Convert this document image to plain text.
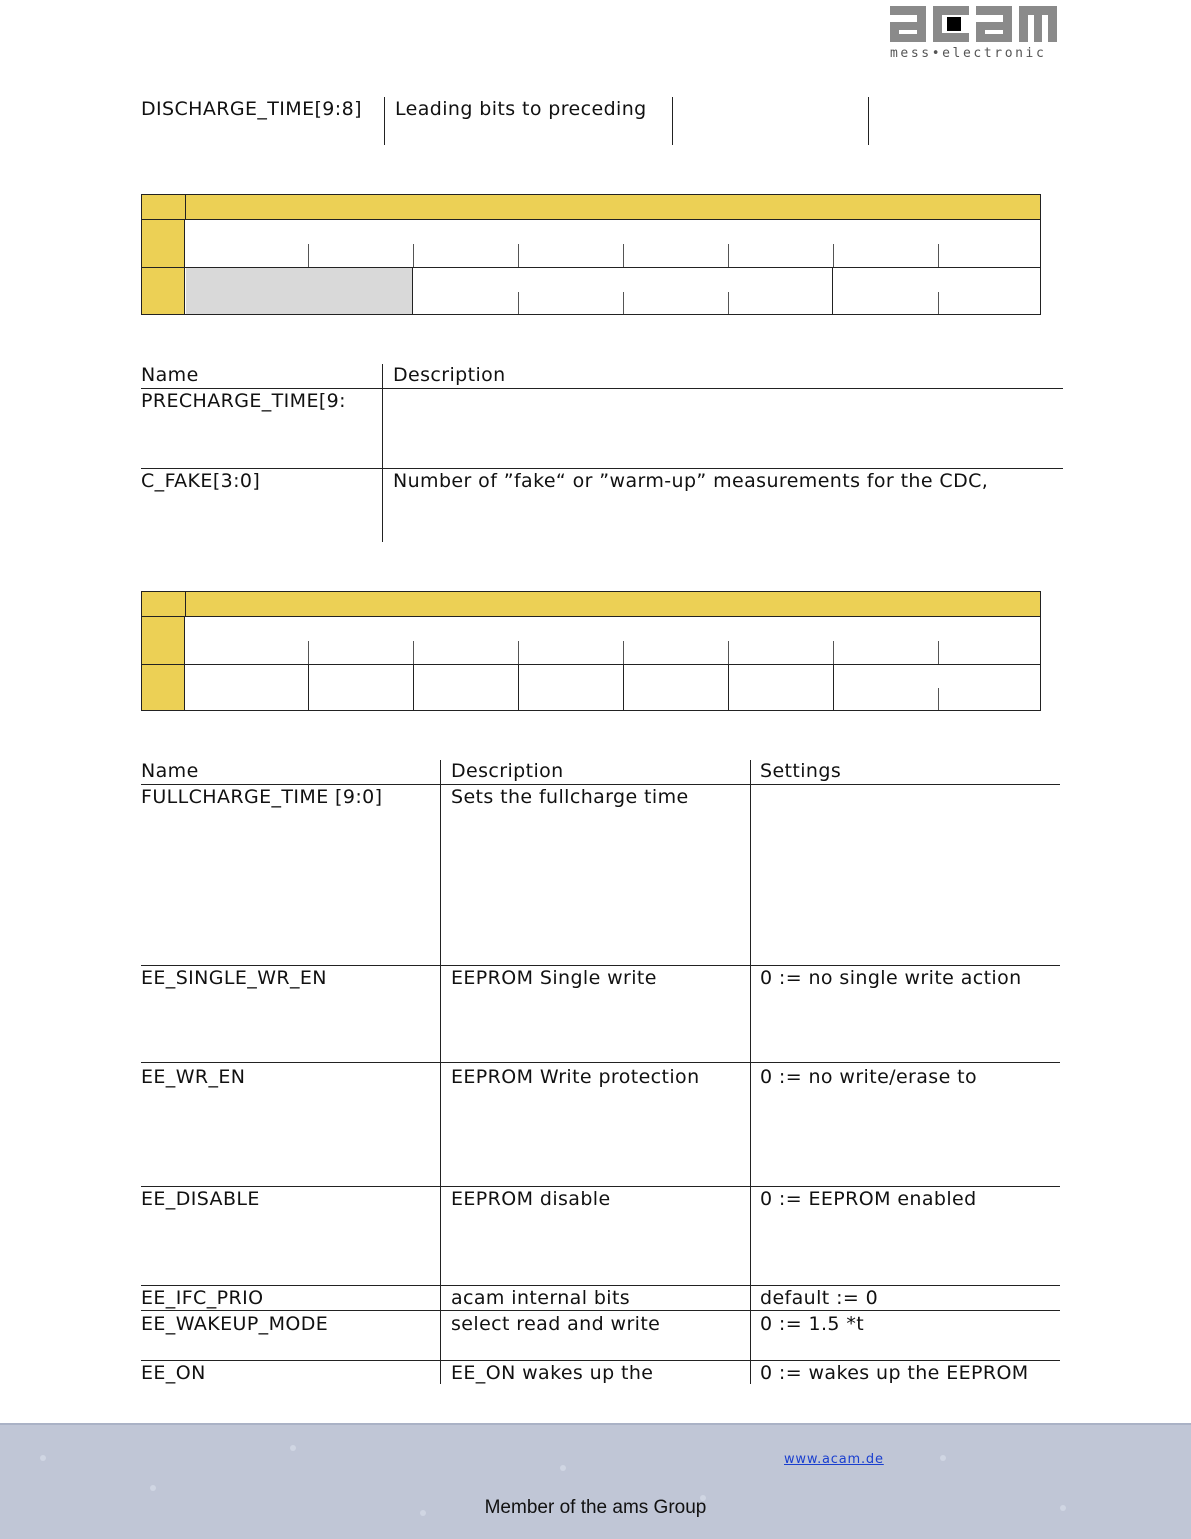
mess•electronic
DISCHARGE_TIME[9:8] Leading bits to preceding
Name	Description
PRECHARGE_TIME[9:
C_FAKE[3:0]	Number of ”fake“ or ”warm-up” measurements for the CDC,
Name	Description	Settings
FULLCHARGE_TIME [9:0]	Sets the fullcharge time
EE_SINGLE_WR_EN	EEPROM Single write	0 := no single write action
EE_WR_EN	EEPROM Write protection	0 := no write/erase to
EE_DISABLE	EEPROM disable	0 := EEPROM enabled
EE_IFC_PRIO	acam internal bits	default := 0
EE_WAKEUP_MODE	select read and write	0 := 1.5 *t
EE_ON	EE_ON wakes up the	0 := wakes up the EEPROM
www.acam.de
Member of the ams Group
